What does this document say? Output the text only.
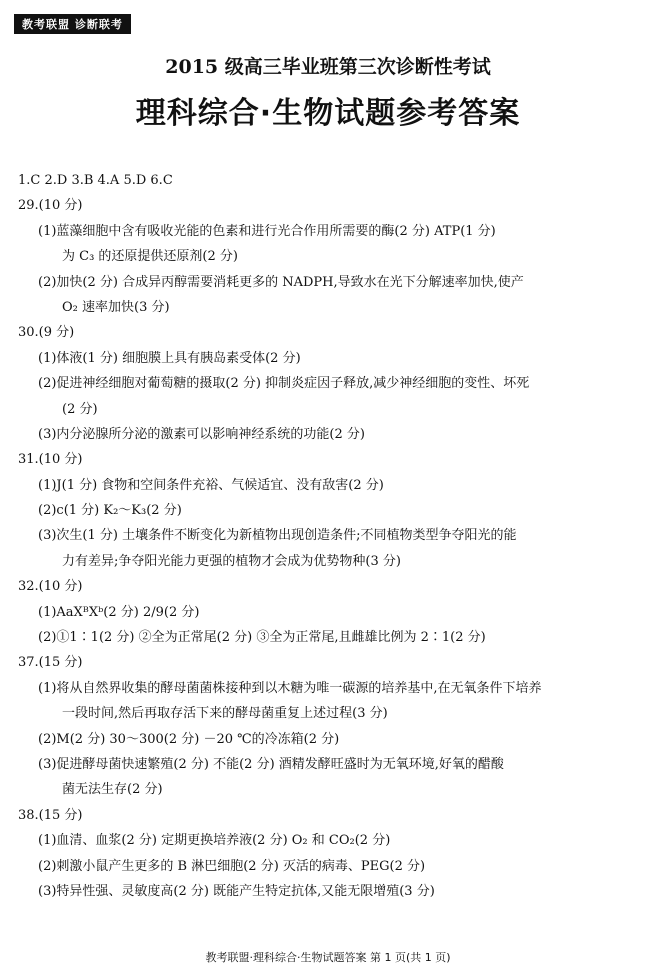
教考联盟 诊断联考
2015 级高三毕业班第三次诊断性考试
理科综合·生物试题参考答案
1.C 2.D 3.B 4.A 5.D 6.C
29.(10 分)
(1)蓝藻细胞中含有吸收光能的色素和进行光合作用所需要的酶(2 分) ATP(1 分)
为 C₃ 的还原提供还原剂(2 分)
(2)加快(2 分) 合成异丙醇需要消耗更多的 NADPH,导致水在光下分解速率加快,使产
O₂ 速率加快(3 分)
30.(9 分)
(1)体液(1 分) 细胞膜上具有胰岛素受体(2 分)
(2)促进神经细胞对葡萄糖的摄取(2 分) 抑制炎症因子释放,减少神经细胞的变性、坏死
(2 分)
(3)内分泌腺所分泌的激素可以影响神经系统的功能(2 分)
31.(10 分)
(1)J(1 分) 食物和空间条件充裕、气候适宜、没有敌害(2 分)
(2)c(1 分) K₂～K₃(2 分)
(3)次生(1 分) 土壤条件不断变化为新植物出现创造条件;不同植物类型争夺阳光的能
力有差异;争夺阳光能力更强的植物才会成为优势物种(3 分)
32.(10 分)
(1)AaXᴮXᵇ(2 分) 2/9(2 分)
(2)①1∶1(2 分) ②全为正常尾(2 分) ③全为正常尾,且雌雄比例为 2∶1(2 分)
37.(15 分)
(1)将从自然界收集的酵母菌菌株接种到以木糖为唯一碳源的培养基中,在无氧条件下培养
一段时间,然后再取存活下来的酵母菌重复上述过程(3 分)
(2)M(2 分) 30～300(2 分) －20 ℃的冷冻箱(2 分)
(3)促进酵母菌快速繁殖(2 分) 不能(2 分) 酒精发酵旺盛时为无氧环境,好氧的醋酸
菌无法生存(2 分)
38.(15 分)
(1)血清、血浆(2 分) 定期更换培养液(2 分) O₂ 和 CO₂(2 分)
(2)刺激小鼠产生更多的 B 淋巴细胞(2 分) 灭活的病毒、PEG(2 分)
(3)特异性强、灵敏度高(2 分) 既能产生特定抗体,又能无限增殖(3 分)
教考联盟·理科综合·生物试题答案 第 1 页(共 1 页)
